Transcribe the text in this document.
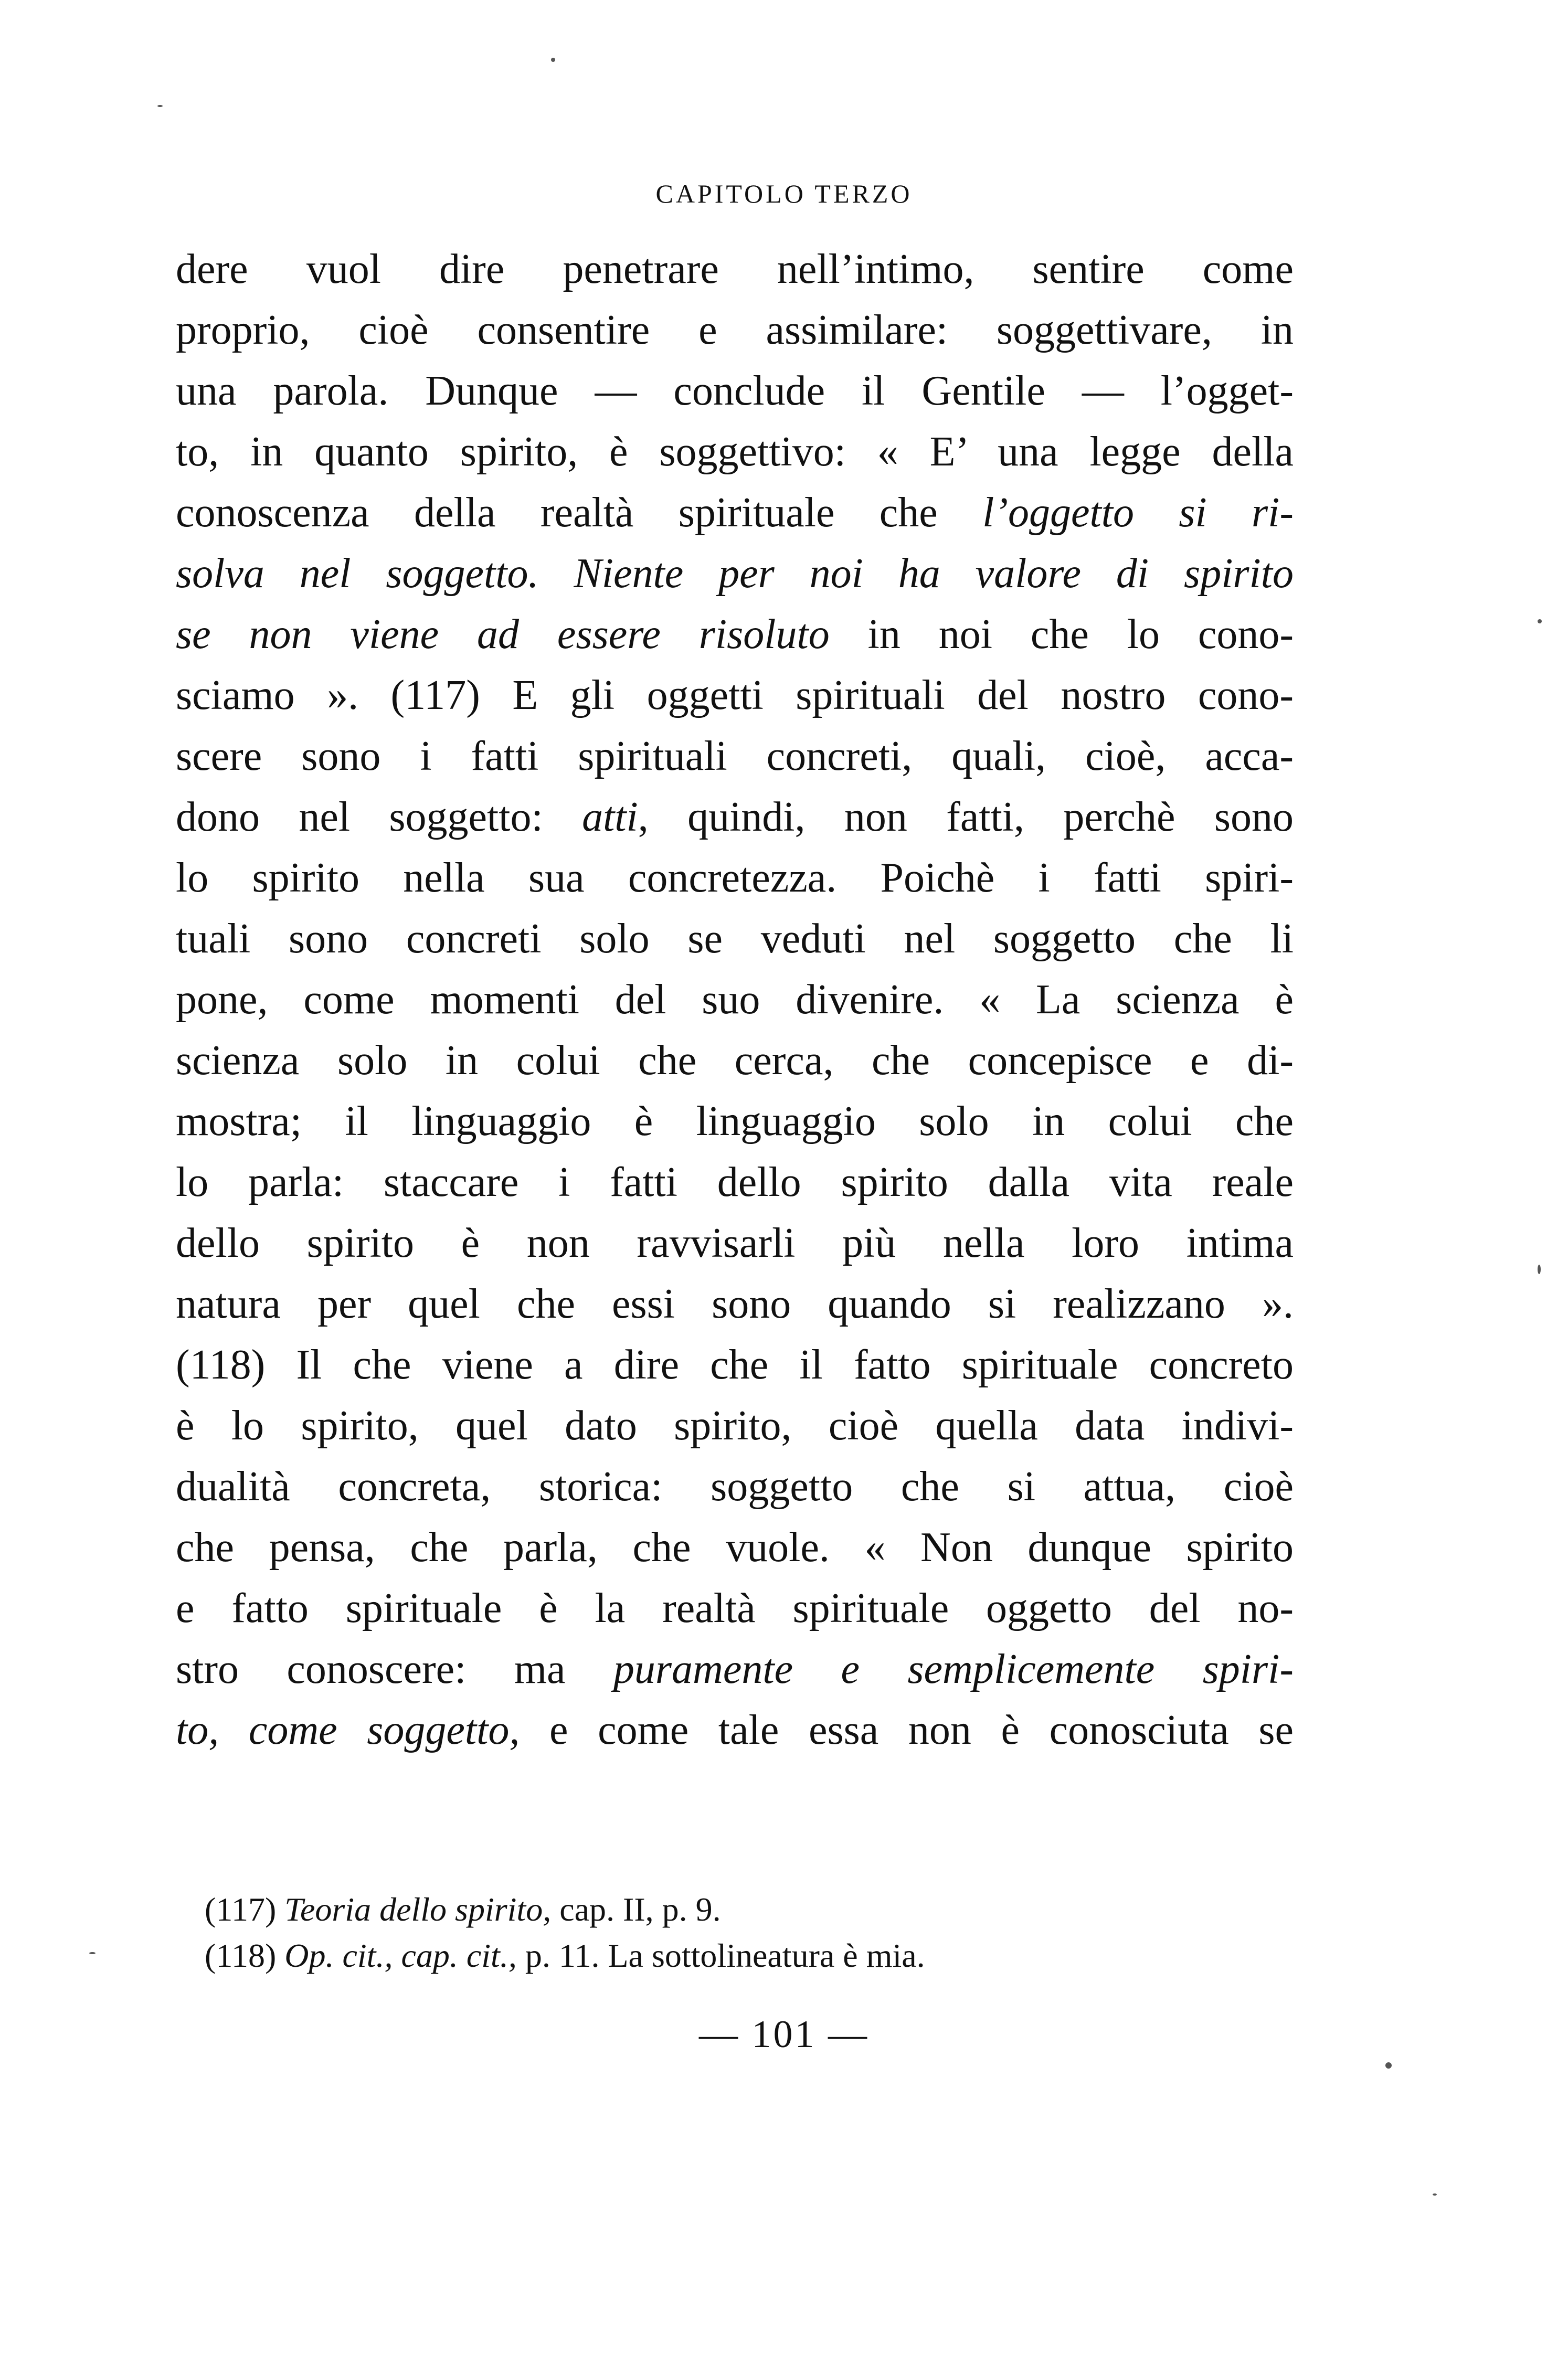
CAPITOLO TERZO
dere vuol dire penetrare nell’intimo, sentire come
proprio, cioè consentire e assimilare: soggettivare, in
una parola. Dunque — conclude il Gentile — l’ogget-
to, in quanto spirito, è soggettivo: « E’ una legge della
conoscenza della realtà spirituale che l’oggetto si ri-
solva nel soggetto. Niente per noi ha valore di spirito
se non viene ad essere risoluto in noi che lo cono-
sciamo ». (117) E gli oggetti spirituali del nostro cono-
scere sono i fatti spirituali concreti, quali, cioè, acca-
dono nel soggetto: atti, quindi, non fatti, perchè sono
lo spirito nella sua concretezza. Poichè i fatti spiri-
tuali sono concreti solo se veduti nel soggetto che li
pone, come momenti del suo divenire. « La scienza è
scienza solo in colui che cerca, che concepisce e di-
mostra; il linguaggio è linguaggio solo in colui che
lo parla: staccare i fatti dello spirito dalla vita reale
dello spirito è non ravvisarli più nella loro intima
natura per quel che essi sono quando si realizzano ».
(118) Il che viene a dire che il fatto spirituale concreto
è lo spirito, quel dato spirito, cioè quella data indivi-
dualità concreta, storica: soggetto che si attua, cioè
che pensa, che parla, che vuole. « Non dunque spirito
e fatto spirituale è la realtà spirituale oggetto del no-
stro conoscere: ma puramente e semplicemente spiri-
to, come soggetto, e come tale essa non è conosciuta se
(117) Teoria dello spirito, cap. II, p. 9.
(118) Op. cit., cap. cit., p. 11. La sottolineatura è mia.
— 101 —
